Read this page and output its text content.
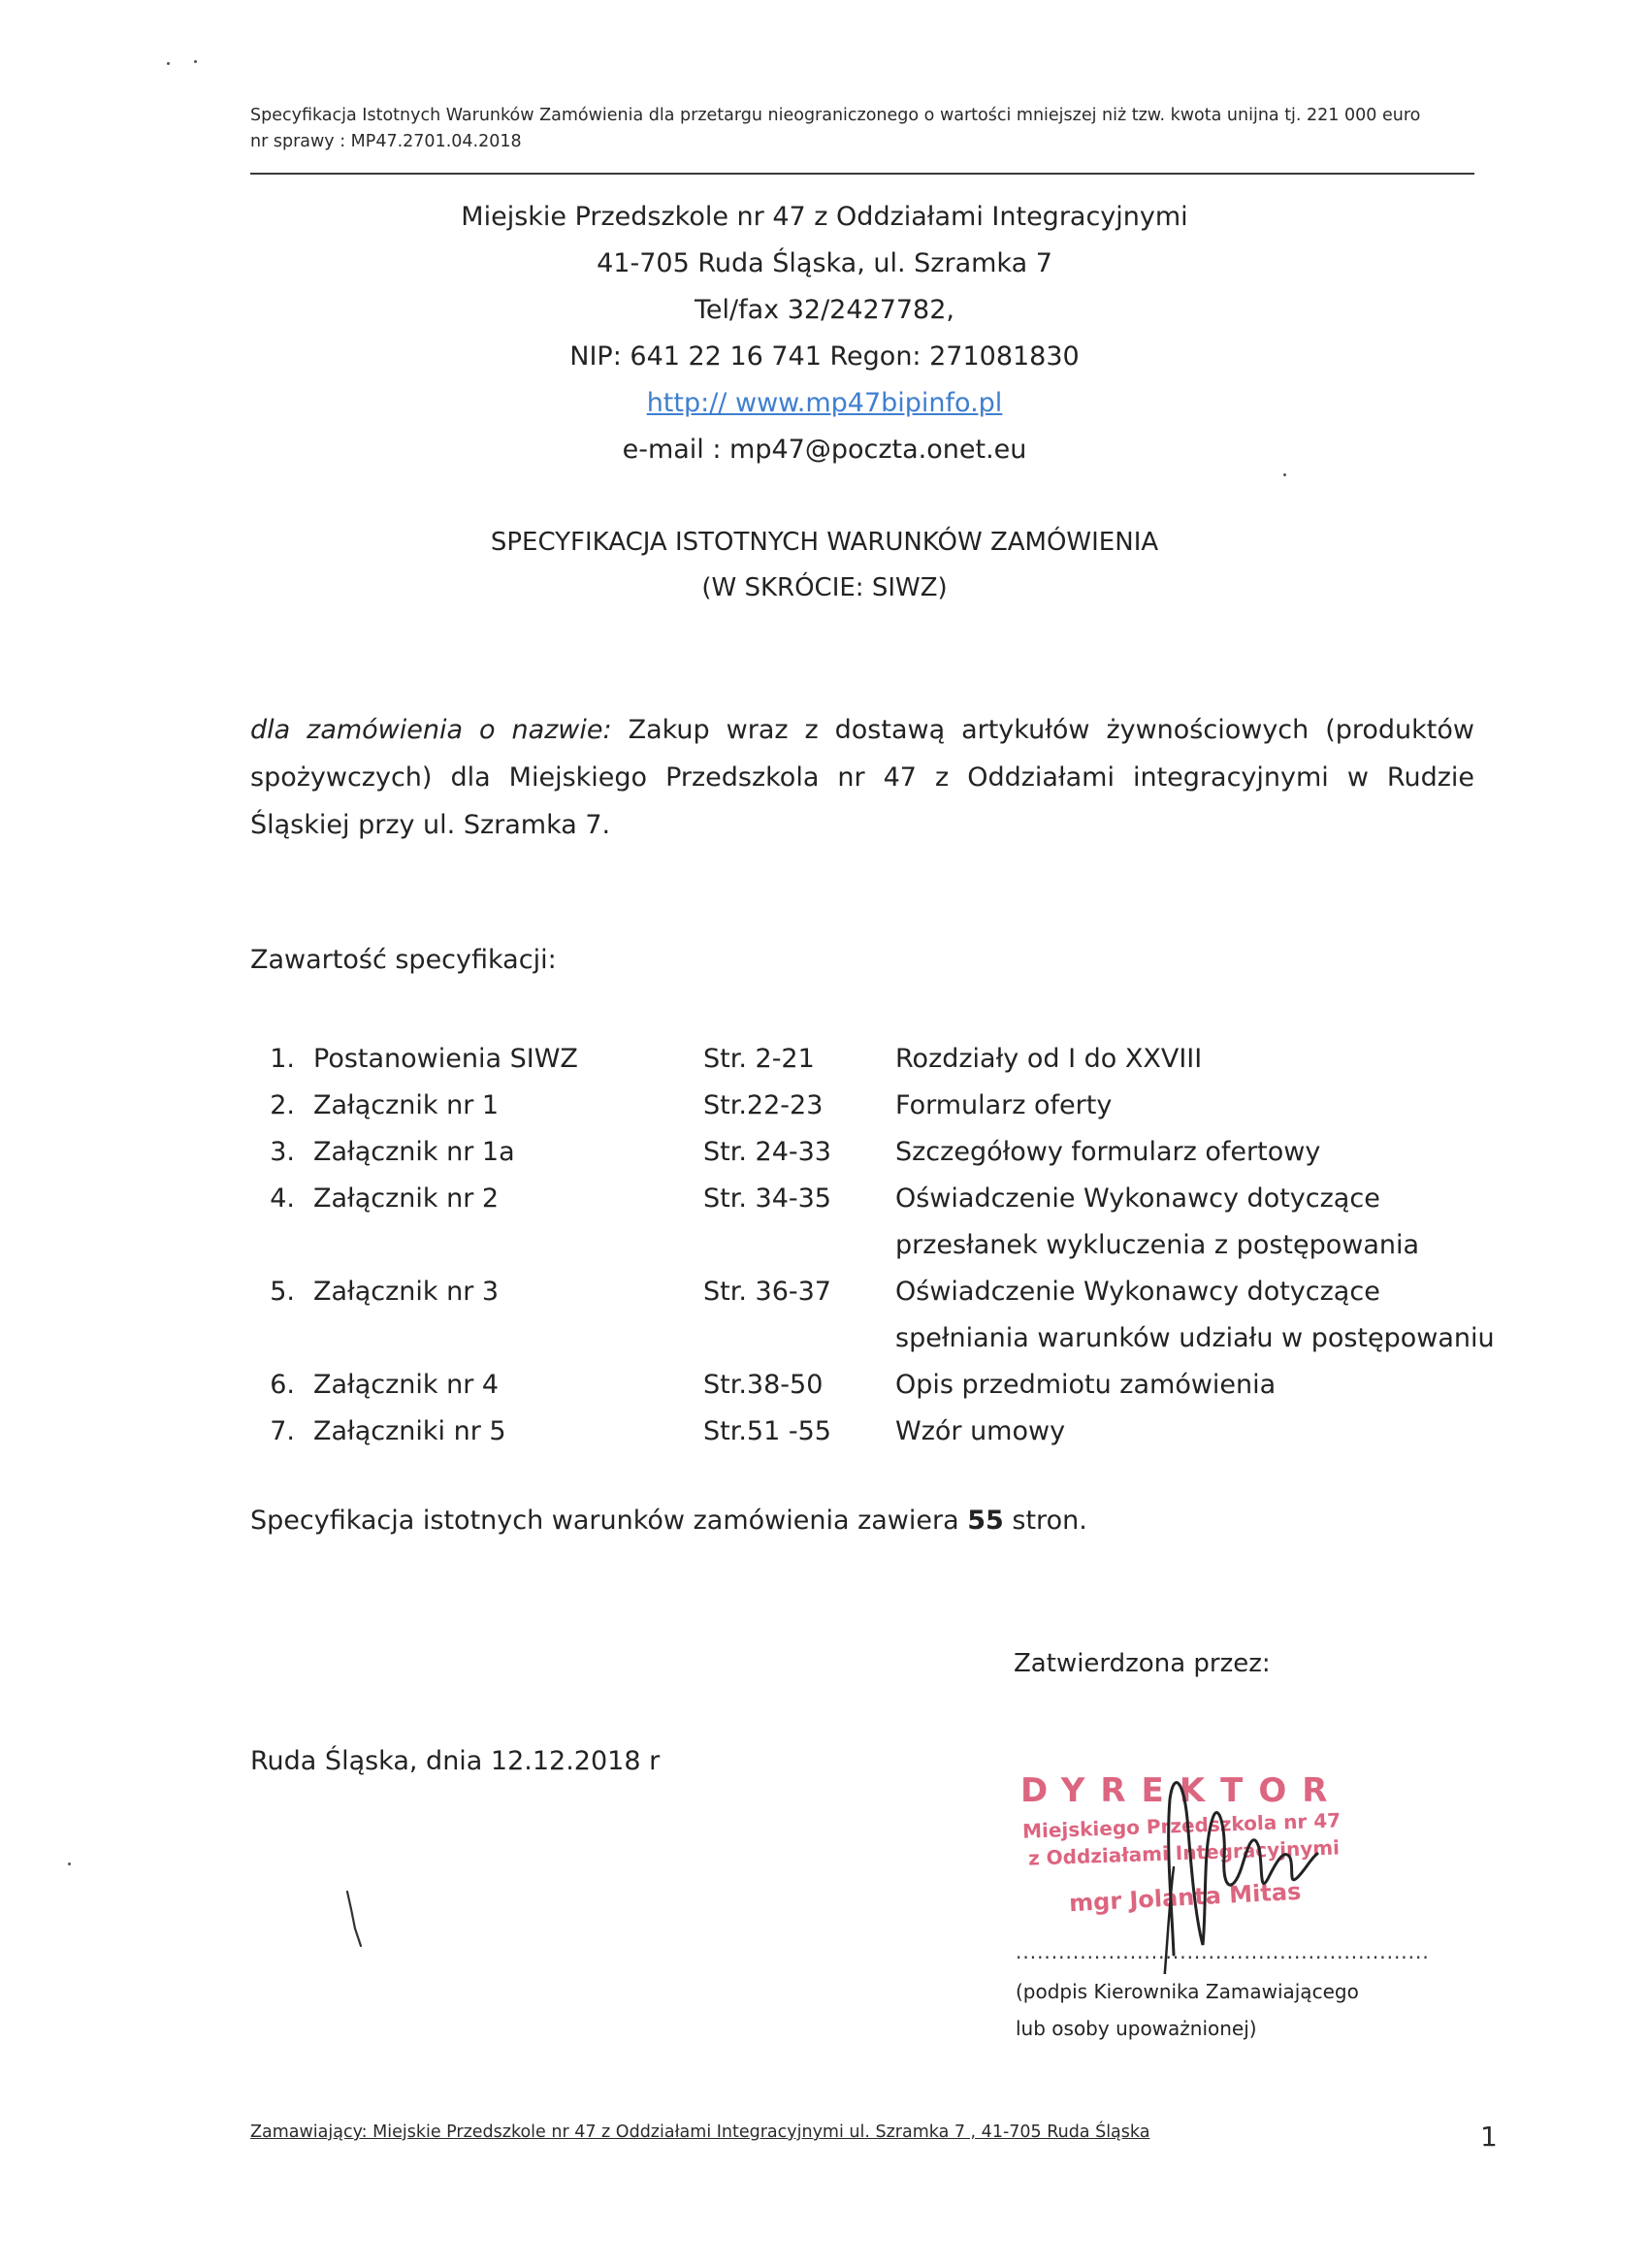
Specyfikacja Istotnych Warunków Zamówienia dla przetargu nieograniczonego o wartości mniejszej niż tzw. kwota unijna tj. 221 000 euro
nr sprawy : MP47.2701.04.2018
Miejskie Przedszkole nr 47 z Oddziałami Integracyjnymi
41-705 Ruda Śląska, ul. Szramka 7
Tel/fax 32/2427782,
NIP: 641 22 16 741 Regon: 271081830
http:// www.mp47bipinfo.pl
e-mail : mp47@poczta.onet.eu
SPECYFIKACJA ISTOTNYCH WARUNKÓW ZAMÓWIENIA
(W SKRÓCIE: SIWZ)
dla zamówienia o nazwie: Zakup wraz z dostawą artykułów żywnościowych (produktów spożywczych) dla Miejskiego Przedszkola nr 47 z Oddziałami integracyjnymi w Rudzie Śląskiej przy ul. Szramka 7.
Zawartość specyfikacji:
1. Postanowienia SIWZ	Str. 2-21	Rozdziały od I do XXVIII
2. Załącznik nr 1	Str.22-23	Formularz oferty
3. Załącznik nr 1a	Str. 24-33 Szczegółowy formularz ofertowy
4. Załącznik nr 2	Str. 34-35 Oświadczenie Wykonawcy dotyczące przesłanek wykluczenia z postępowania
5. Załącznik nr 3	Str. 36-37 Oświadczenie Wykonawcy dotyczące spełniania warunków udziału w postępowaniu
6. Załącznik nr 4	Str.38-50	Opis przedmiotu zamówienia
7. Załączniki nr 5	Str.51 -55 Wzór umowy
Specyfikacja istotnych warunków zamówienia zawiera 55 stron.
Zatwierdzona przez:
Ruda Śląska, dnia 12.12.2018 r
DYREKTOR
Miejskiego Przedszkola nr 47
z Oddziałami Integracyjnymi
mgr Jolanta Mitas
..........................................................
(podpis Kierownika Zamawiającego
lub osoby upoważnionej)
Zamawiający: Miejskie Przedszkole nr 47 z Oddziałami Integracyjnymi ul. Szramka 7 , 41-705 Ruda Śląska	1
